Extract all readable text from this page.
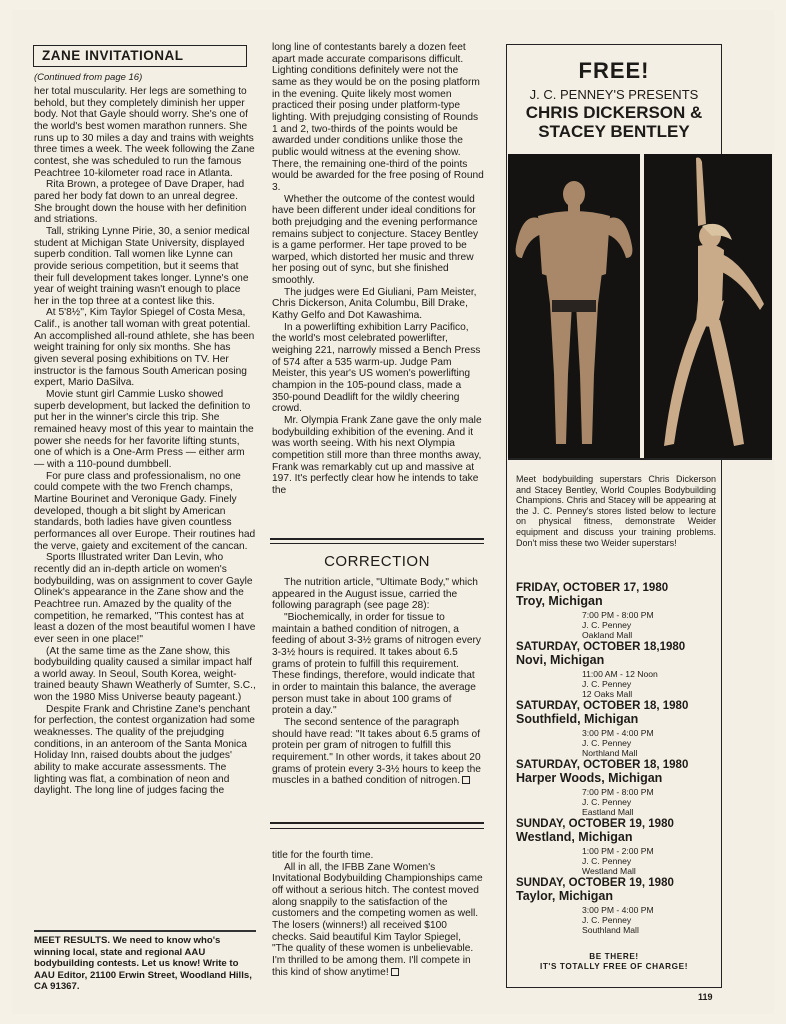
ZANE INVITATIONAL
(Continued from page 16)

her total muscularity. Her legs are something to behold, but they completely diminish her upper body. Not that Gayle should worry. She's one of the world's best women marathon runners. She runs up to 30 miles a day and trains with weights three times a week. The week following the Zane contest, she was scheduled to run the famous Peachtree 10-kilometer road race in Atlanta.

Rita Brown, a protegee of Dave Draper, had pared her body fat down to an unreal degree. She brought down the house with her definition and striations.

Tall, striking Lynne Pirie, 30, a senior medical student at Michigan State University, displayed superb condition. Tall women like Lynne can provide serious competition, but it seems that their full development takes longer. Lynne's one year of weight training wasn't enough to place her in the top three at a contest like this.

At 5'8½'', Kim Taylor Spiegel of Costa Mesa, Calif., is another tall woman with great potential. An accomplished all-round athlete, she has been weight training for only six months. She has given several posing exhibitions on TV. Her instructor is the famous South American posing expert, Mario DaSilva.

Movie stunt girl Cammie Lusko showed superb development, but lacked the definition to put her in the winner's circle this trip. She remained heavy most of this year to maintain the power she needs for her favorite lifting stunts, one of which is a One-Arm Press — either arm — with a 110-pound dumbbell.

For pure class and professionalism, no one could compete with the two French champs, Martine Bourinet and Veronique Gady. Finely developed, though a bit slight by American standards, both ladies have given countless performances all over Europe. Their routines had the verve, gaiety and excitement of the cancan.

Sports Illustrated writer Dan Levin, who recently did an in-depth article on women's bodybuilding, was on assignment to cover Gayle Olinek's appearance in the Zane show and the Peachtree run. Amazed by the quality of the competition, he remarked, "This contest has at least a dozen of the most beautiful women I have ever seen in one place!"

(At the same time as the Zane show, this bodybuilding quality caused a similar impact half a world away. In Seoul, South Korea, weight-trained beauty Shawn Weatherly of Sumter, S.C., won the 1980 Miss Universe beauty pageant.)

Despite Frank and Christine Zane's penchant for perfection, the contest organization had some weaknesses. The quality of the prejudging conditions, in an anteroom of the Santa Monica Holiday Inn, raised doubts about the judges' ability to make accurate assessments. The lighting was flat, a combination of neon and daylight. The long line of judges facing the

MEET RESULTS. We need to know who's winning local, state and regional AAU bodybuilding contests. Let us know! Write to AAU Editor, 21100 Erwin Street, Woodland Hills, CA 91367.

long line of contestants barely a dozen feet apart made accurate comparisons difficult. Lighting conditions definitely were not the same as they would be on the posing platform in the evening. Quite likely most women practiced their posing under platform-type lighting. With prejudging consisting of Rounds 1 and 2, two-thirds of the points would be awarded under conditions unlike those the public would witness at the evening show. There, the remaining one-third of the points would be awarded for the free posing of Round 3.

Whether the outcome of the contest would have been different under ideal conditions for both prejudging and the evening performance remains subject to conjecture. Stacey Bentley is a game performer. Her tape proved to be warped, which distorted her music and threw her posing out of sync, but she finished smoothly.

The judges were Ed Giuliani, Pam Meister, Chris Dickerson, Anita Columbu, Bill Drake, Kathy Gelfo and Dot Kawashima.

In a powerlifting exhibition Larry Pacifico, the world's most celebrated powerlifter, weighing 221, narrowly missed a Bench Press of 574 after a 535 warm-up. Judge Pam Meister, this year's US women's powerlifting champion in the 105-pound class, made a 350-pound Deadlift for the wildly cheering crowd.

Mr. Olympia Frank Zane gave the only male bodybuilding exhibition of the evening. And it was worth seeing. With his next Olympia competition still more than three months away, Frank was remarkably cut up and massive at 197. It's perfectly clear how he intends to take the

CORRECTION

The nutrition article, "Ultimate Body," which appeared in the August issue, carried the following paragraph (see page 28):

"Biochemically, in order for tissue to maintain a bathed condition of nitrogen, a feeding of about 3-3½ grams of nitrogen every 3-3½ hours is required. It takes about 6.5 grams of protein to fulfill this requirement. These findings, therefore, would indicate that in order to maintain this balance, the average person must take in about 100 grams of protein a day."

The second sentence of the paragraph should have read: "It takes about 6.5 grams of protein per gram of nitrogen to fulfill this requirement." In other words, it takes about 20 grams of protein every 3-3½ hours to keep the muscles in a bathed condition of nitrogen.

title for the fourth time.

All in all, the IFBB Zane Women's Invitational Bodybuilding Championships came off without a serious hitch. The contest moved along snappily to the satisfaction of the customers and the competing women as well. The losers (winners!) all received $100 checks. Said beautiful Kim Taylor Spiegel, "The quality of these women is unbelievable. I'm thrilled to be among them. I'll compete in this kind of show anytime!

FREE!
J. C. PENNEY'S PRESENTS
CHRIS DICKERSON & STACEY BENTLEY
Meet bodybuilding superstars Chris Dickerson and Stacey Bentley, World Couples Bodybuilding Champions. Chris and Stacey will be appearing at the J. C. Penney's stores listed below to lecture on physical fitness, demonstrate Weider equipment and discuss your training problems. Don't miss these two Weider superstars!
FRIDAY, OCTOBER 17, 1980
Troy, Michigan
7:00 PM - 8:00 PM
J. C. Penney
Oakland Mall
SATURDAY, OCTOBER 18,1980
Novi, Michigan
11:00 AM - 12 Noon
J. C. Penney
12 Oaks Mall
SATURDAY, OCTOBER 18, 1980
Southfield, Michigan
3:00 PM - 4:00 PM
J. C. Penney
Northland Mall
SATURDAY, OCTOBER 18, 1980
Harper Woods, Michigan
7:00 PM - 8:00 PM
J. C. Penney
Eastland Mall
SUNDAY, OCTOBER 19, 1980
Westland, Michigan
1:00 PM - 2:00 PM
J. C. Penney
Westland Mall
SUNDAY, OCTOBER 19, 1980
Taylor, Michigan
3:00 PM - 4:00 PM
J. C. Penney
Southland Mall
BE THERE!
IT'S TOTALLY FREE OF CHARGE!
119
